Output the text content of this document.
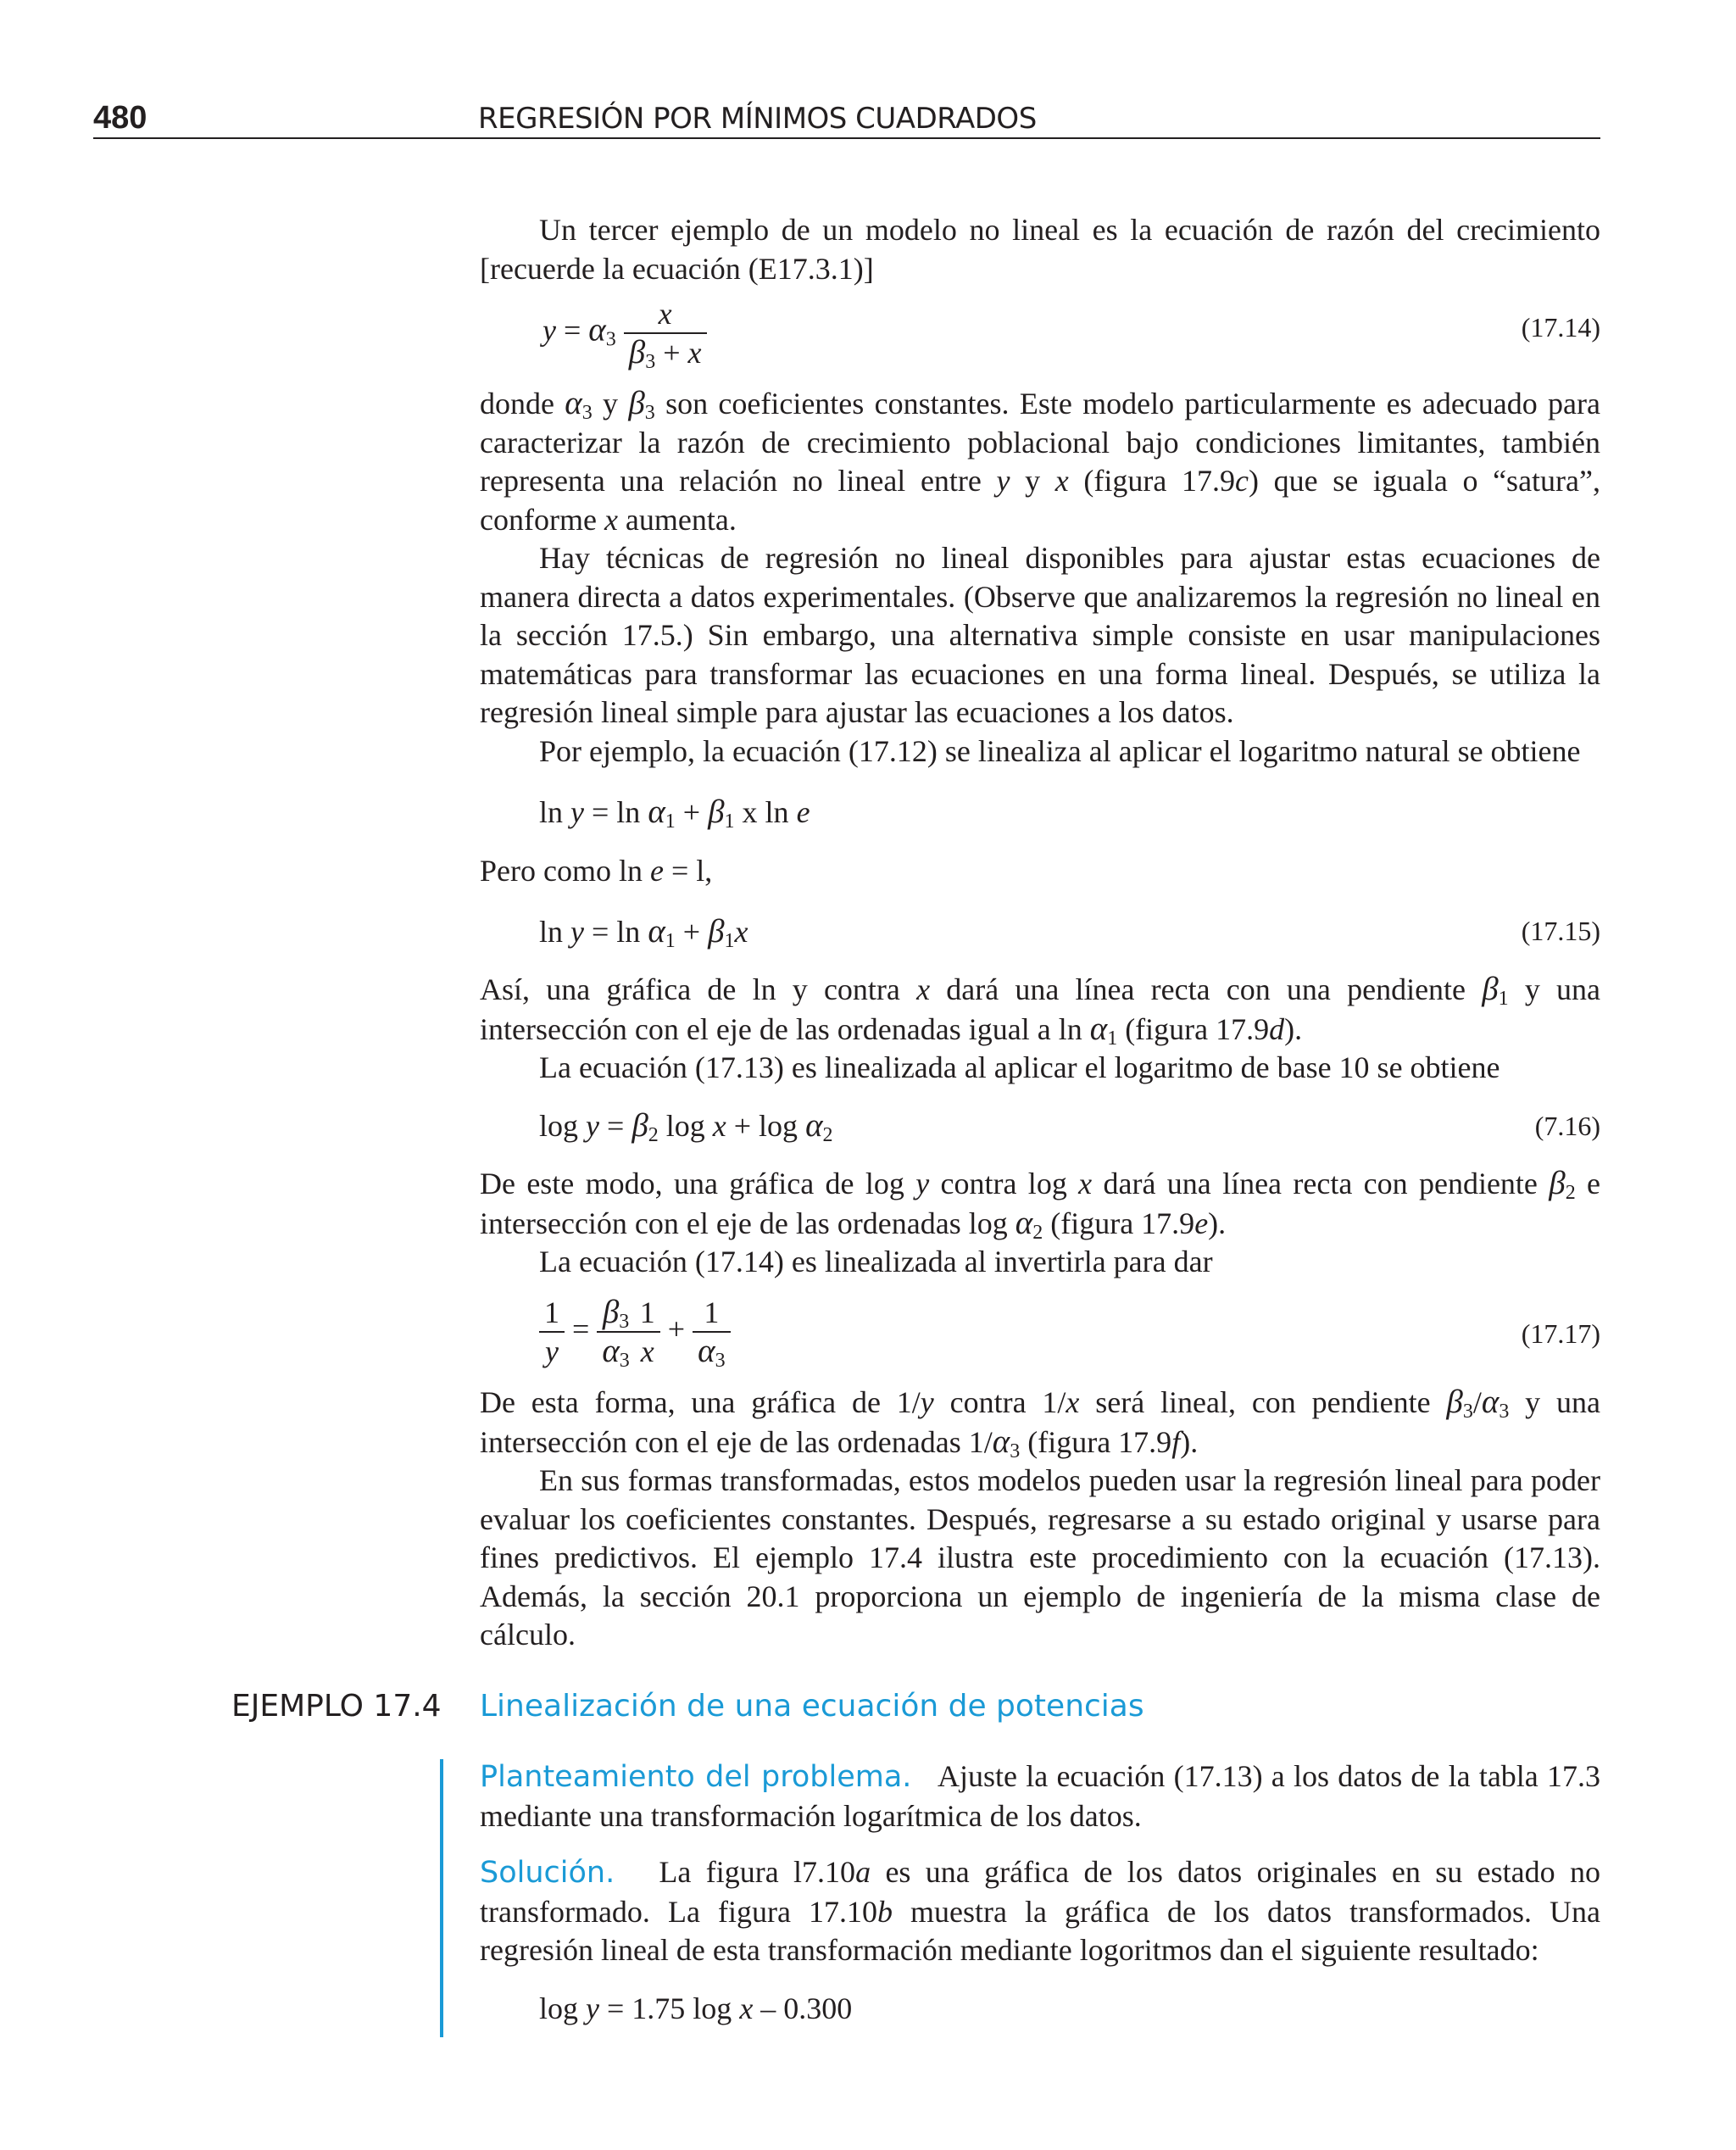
480	REGRESIÓN POR MÍNIMOS CUADRADOS

Un tercer ejemplo de un modelo no lineal es la ecuación de razón del crecimiento [recuerde la ecuación (E17.3.1)]

$y = \alpha_3 \frac{x}{\beta_3 + x}$	(17.14)

donde $\alpha_3$ y $\beta_3$ son coeficientes constantes. Este modelo particularmente es adecuado para caracterizar la razón de crecimiento poblacional bajo condiciones limitantes, también representa una relación no lineal entre y y x (figura 17.9c) que se iguala o “satura”, conforme x aumenta.

Hay técnicas de regresión no lineal disponibles para ajustar estas ecuaciones de manera directa a datos experimentales. (Observe que analizaremos la regresión no lineal en la sección 17.5.) Sin embargo, una alternativa simple consiste en usar manipulaciones matemáticas para transformar las ecuaciones en una forma lineal. Después, se utiliza la regresión lineal simple para ajustar las ecuaciones a los datos.

Por ejemplo, la ecuación (17.12) se linealiza al aplicar el logaritmo natural se obtiene

$\ln y = \ln \alpha_1 + \beta_1$ x ln e
Pero como ln e = l,
$\ln y = \ln \alpha_1 + \beta_1x$	(17.15)

Así, una gráfica de ln y contra x dará una línea recta con una pendiente $\beta_1$ y una intersección con el eje de las ordenadas igual a $\ln \alpha_1$ (figura 17.9d).

La ecuación (17.13) es linealizada al aplicar el logaritmo de base 10 se obtiene

$\log y = \beta_2$ $\log x + \log \alpha_2$	(7.16)

De este modo, una gráfica de log y contra log x dará una línea recta con pendiente $\beta_2$ e intersección con el eje de las ordenadas $\log \alpha_2$ (figura 17.9e).

La ecuación (17.14) es linealizada al invertirla para dar

$\frac{1}{y} = \frac{\beta_3}{\alpha_3} \frac{1}{x} + \frac{1}{\alpha_3}$	(17.17)

De esta forma, una gráfica de 1/y contra 1/x será lineal, con pendiente $\beta_3/\alpha_3$ y una intersección con el eje de las ordenadas $1/\alpha_3$ (figura 17.9f).

En sus formas transformadas, estos modelos pueden usar la regresión lineal para poder evaluar los coeficientes constantes. Después, regresarse a su estado original y usarse para fines predictivos. El ejemplo 17.4 ilustra este procedimiento con la ecuación (17.13). Además, la sección 20.1 proporciona un ejemplo de ingeniería de la misma clase de cálculo.

EJEMPLO 17.4 Linealización de una ecuación de potencias

Planteamiento del problema. Ajuste la ecuación (17.13) a los datos de la tabla 17.3 mediante una transformación logarítmica de los datos.

Solución. La figura l7.10a es una gráfica de los datos originales en su estado no transformado. La figura 17.10b muestra la gráfica de los datos transformados. Una regresión lineal de esta transformación mediante logoritmos dan el siguiente resultado:

log y = 1.75 log x – 0.300
